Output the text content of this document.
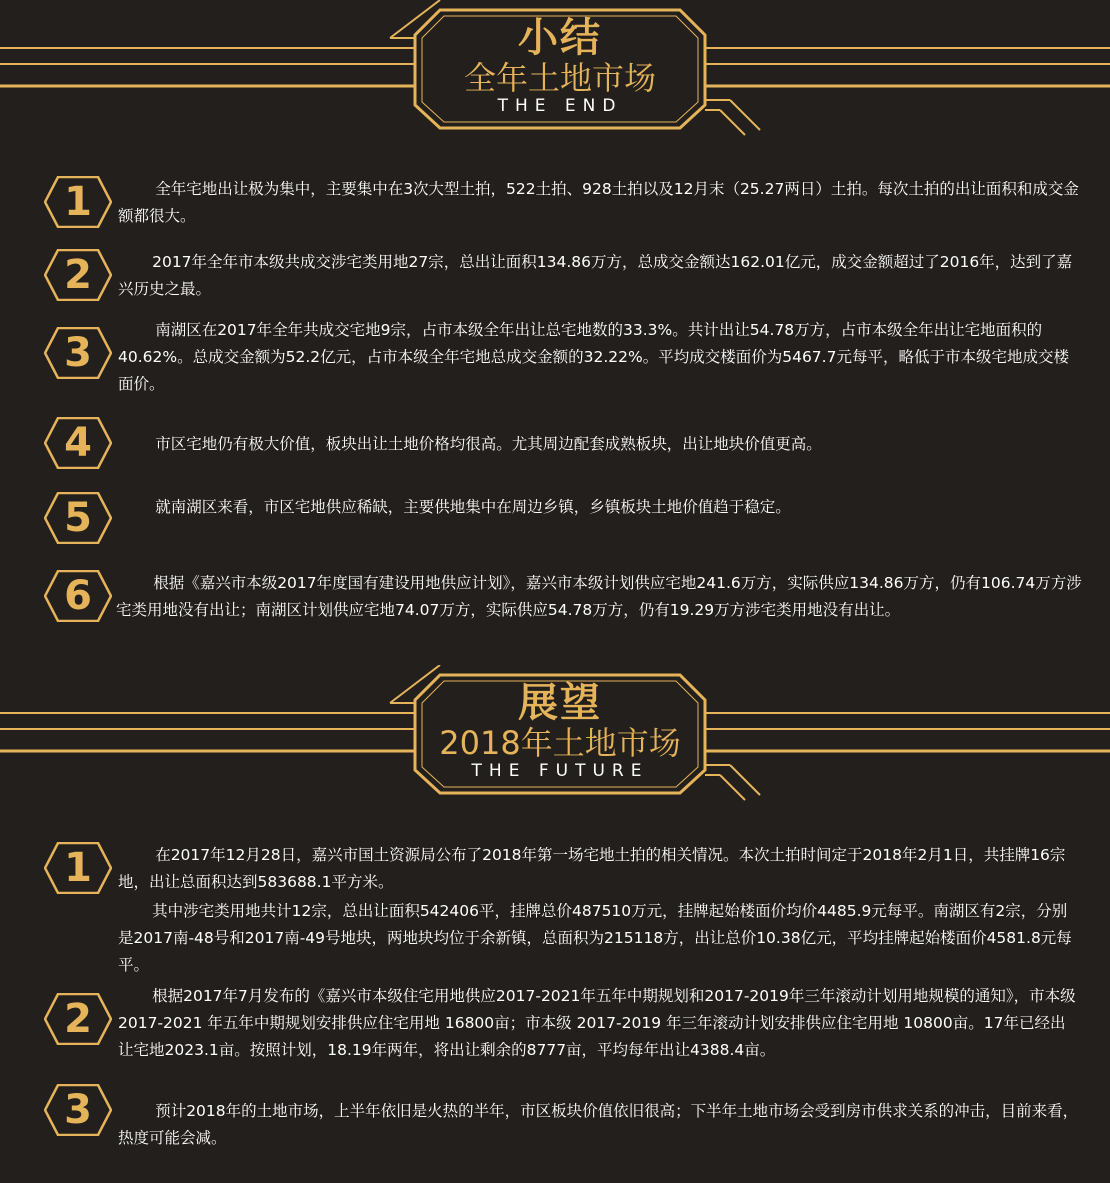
小结
全年土地市场
THE END
1	全年宅地出让极为集中，主要集中在3次大型土拍，522土拍、928土拍以及12月末（25.27两日）土拍。每次土拍的出让面积和成交金额都很大。

2	2017年全年市本级共成交涉宅类用地27宗，总出让面积134.86万方，总成交金额达162.01亿元，成交金额超过了2016年，达到了嘉兴历史之最。

3	南湖区在2017年全年共成交宅地9宗，占市本级全年出让总宅地数的33.3%。共计出让54.78万方，占市本级全年出让宅地面积的40.62%。总成交金额为52.2亿元，占市本级全年宅地总成交金额的32.22%。平均成交楼面价为5467.7元每平，略低于市本级宅地成交楼面价。

4	市区宅地仍有极大价值，板块出让土地价格均很高。尤其周边配套成熟板块，出让地块价值更高。

5	就南湖区来看，市区宅地供应稀缺，主要供地集中在周边乡镇，乡镇板块土地价值趋于稳定。

6	根据《嘉兴市本级2017年度国有建设用地供应计划》，嘉兴市本级计划供应宅地241.6万方，实际供应134.86万方，仍有106.74万方涉宅类用地没有出让；南湖区计划供应宅地74.07万方，实际供应54.78万方，仍有19.29万方涉宅类用地没有出让。

展望
2018年土地市场
THE FUTURE
1	在2017年12月28日，嘉兴市国土资源局公布了2018年第一场宅地土拍的相关情况。本次土拍时间定于2018年2月1日，共挂牌16宗地，出让总面积达到583688.1平方米。

其中涉宅类用地共计12宗，总出让面积542406平，挂牌总价487510万元，挂牌起始楼面价均价4485.9元每平。南湖区有2宗，分别是2017南-48号和2017南-49号地块，两地块均位于余新镇，总面积为215118方，出让总价10.38亿元，平均挂牌起始楼面价4581.8元每平。

2	根据2017年7月发布的《嘉兴市本级住宅用地供应2017-2021年五年中期规划和2017-2019年三年滚动计划用地规模的通知》，市本级 2017-2021 年五年中期规划安排供应住宅用地 16800亩；市本级 2017-2019 年三年滚动计划安排供应住宅用地 10800亩。17年已经出让宅地2023.1亩。按照计划，18.19年两年，将出让剩余的8777亩，平均每年出让4388.4亩。

3	预计2018年的土地市场，上半年依旧是火热的半年，市区板块价值依旧很高；下半年土地市场会受到房市供求关系的冲击，目前来看，热度可能会减。
